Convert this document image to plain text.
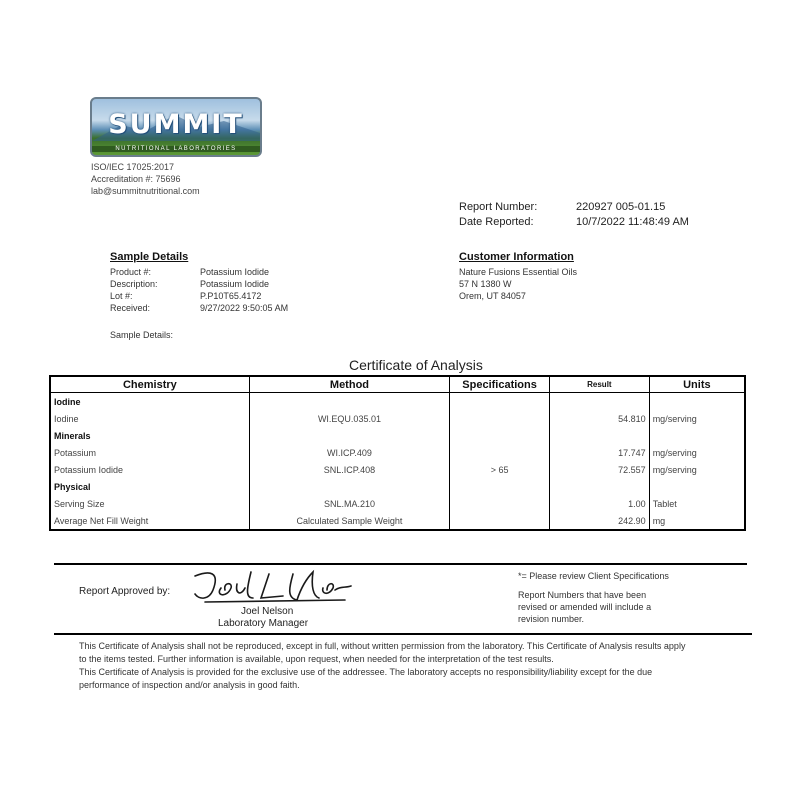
SUMMIT
NUTRITIONAL LABORATORIES
ISO/IEC 17025:2017
Accreditation #: 75696
lab@summitnutritional.com
Report Number:	220927 005-01.15
Date Reported:	10/7/2022 11:48:49 AM
Sample Details
Product #:	Potassium Iodide
Description:	Potassium Iodide
Lot #:	P.P10T65.4172
Received:	9/27/2022 9:50:05 AM
Sample Details:
Customer Information
Nature Fusions Essential Oils
57 N 1380 W
Orem, UT 84057
Certificate of Analysis
Chemistry	Method	Specifications	Result	Units
Iodine				
Iodine	WI.EQU.035.01		54.810	mg/serving
Minerals				
Potassium	WI.ICP.409		17.747	mg/serving
Potassium Iodide	SNL.ICP.408	> 65	72.557	mg/serving
Physical				
Serving Size	SNL.MA.210		1.00	Tablet
Average Net Fill Weight	Calculated Sample Weight		242.90	mg
Report Approved by:
Joel Nelson
Laboratory Manager
*= Please review Client Specifications
Report Numbers that have been
revised or amended will include a
revision number.
This Certificate of Analysis shall not be reproduced, except in full, without written permission from the laboratory. This Certificate of Analysis results apply
to the items tested. Further information is available, upon request, when needed for the interpretation of the test results.
This Certificate of Analysis is provided for the exclusive use of the addressee. The laboratory accepts no responsibility/liability except for the due
performance of inspection and/or analysis in good faith.
